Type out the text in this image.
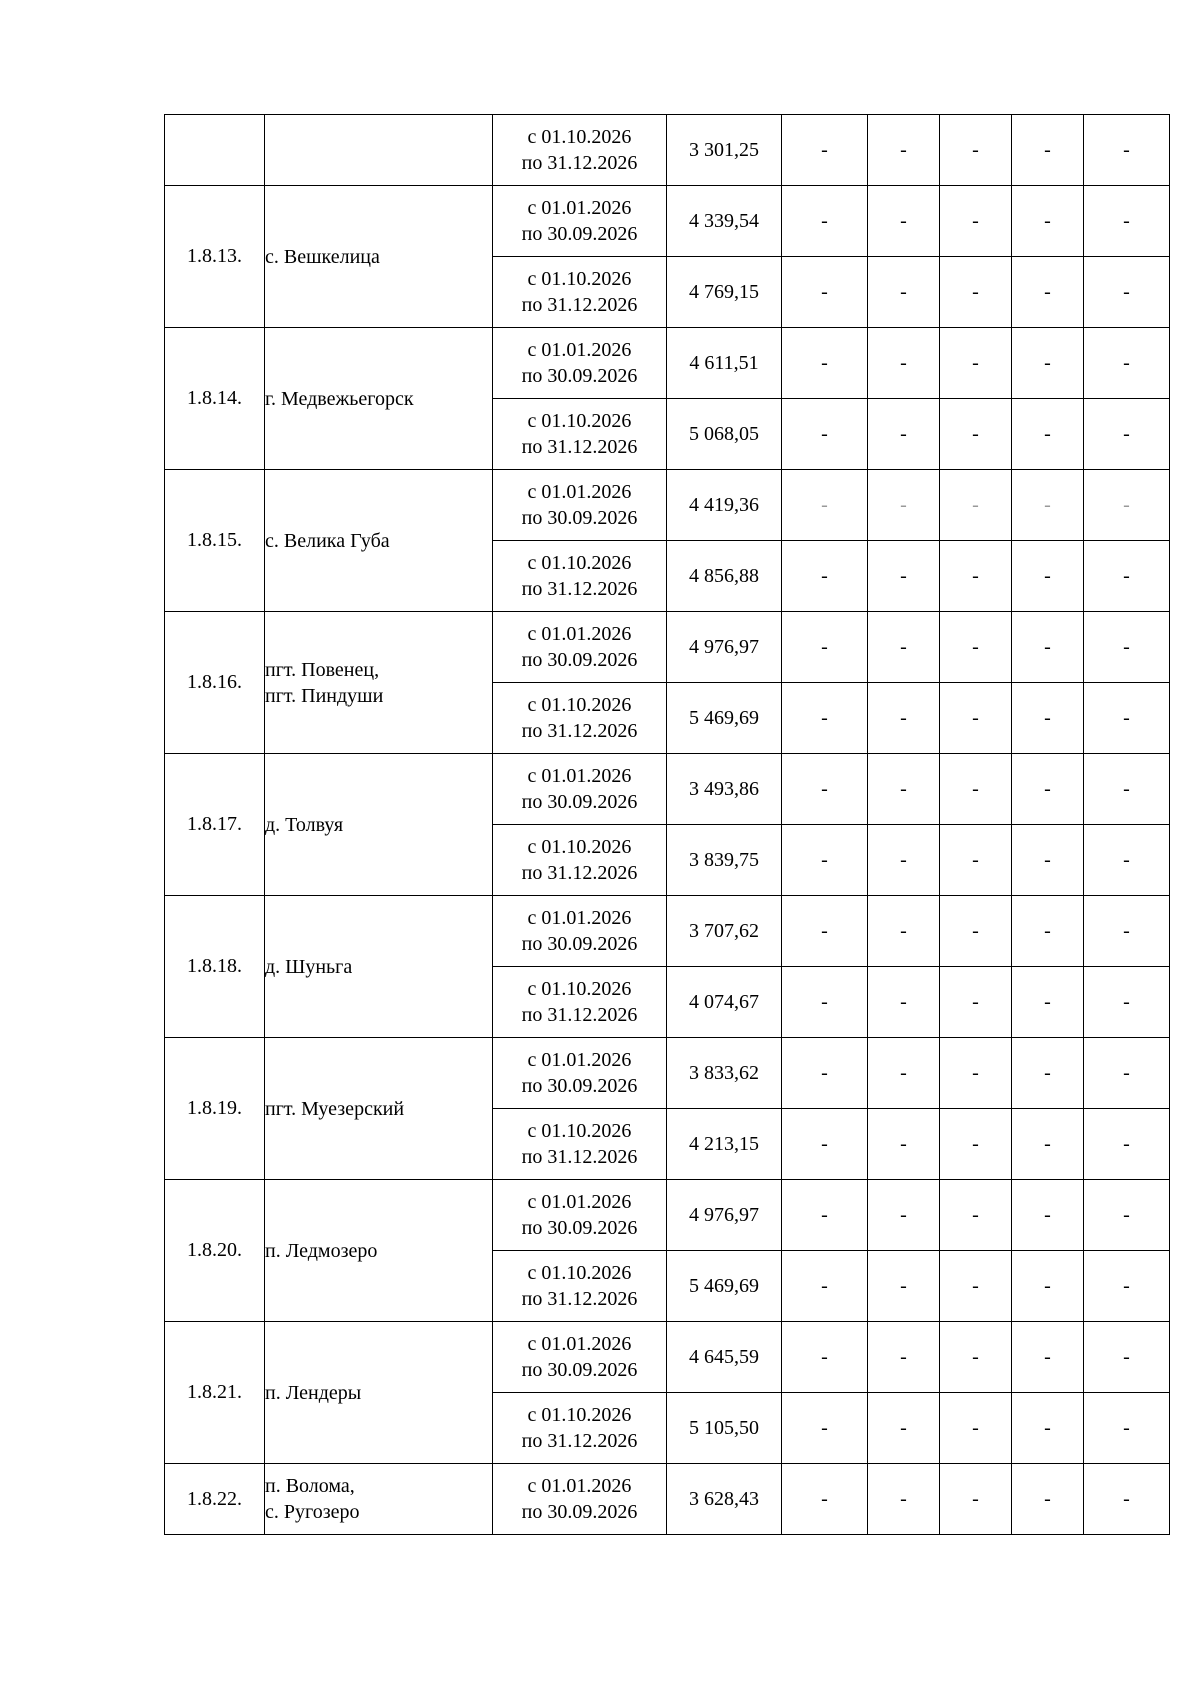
		с 01.10.2026
по 31.12.2026	3 301,25	-	-	-	-	-
1.8.13.	с. Вешкелица	с 01.01.2026
по 30.09.2026	4 339,54	-	-	-	-	-

		с 01.10.2026
по 31.12.2026	4 769,15	-	-	-	-	-
1.8.14.	г. Медвежьегорск	с 01.01.2026
по 30.09.2026	4 611,51	-	-	-	-	-

		с 01.10.2026
по 31.12.2026	5 068,05	-	-	-	-	-
1.8.15.	с. Велика Губа	с 01.01.2026
по 30.09.2026	4 419,36	-	-	-	-	-

		с 01.10.2026
по 31.12.2026	4 856,88	-	-	-	-	-
1.8.16.	пгт. Повенец,
пгт. Пиндуши	с 01.01.2026
по 30.09.2026	4 976,97	-	-	-	-	-

		с 01.10.2026
по 31.12.2026	5 469,69	-	-	-	-	-
1.8.17.	д. Толвуя	с 01.01.2026
по 30.09.2026	3 493,86	-	-	-	-	-

		с 01.10.2026
по 31.12.2026	3 839,75	-	-	-	-	-
1.8.18.	д. Шуньга	с 01.01.2026
по 30.09.2026	3 707,62	-	-	-	-	-

		с 01.10.2026
по 31.12.2026	4 074,67	-	-	-	-	-
1.8.19.	пгт. Муезерский	с 01.01.2026
по 30.09.2026	3 833,62	-	-	-	-	-

		с 01.10.2026
по 31.12.2026	4 213,15	-	-	-	-	-
1.8.20.	п. Ледмозеро	с 01.01.2026
по 30.09.2026	4 976,97	-	-	-	-	-

		с 01.10.2026
по 31.12.2026	5 469,69	-	-	-	-	-
1.8.21.	п. Лендеры	с 01.01.2026
по 30.09.2026	4 645,59	-	-	-	-	-

		с 01.10.2026
по 31.12.2026	5 105,50	-	-	-	-	-
1.8.22.	п. Волома,
с. Ругозеро	с 01.01.2026
по 30.09.2026	3 628,43	-	-	-	-	-
